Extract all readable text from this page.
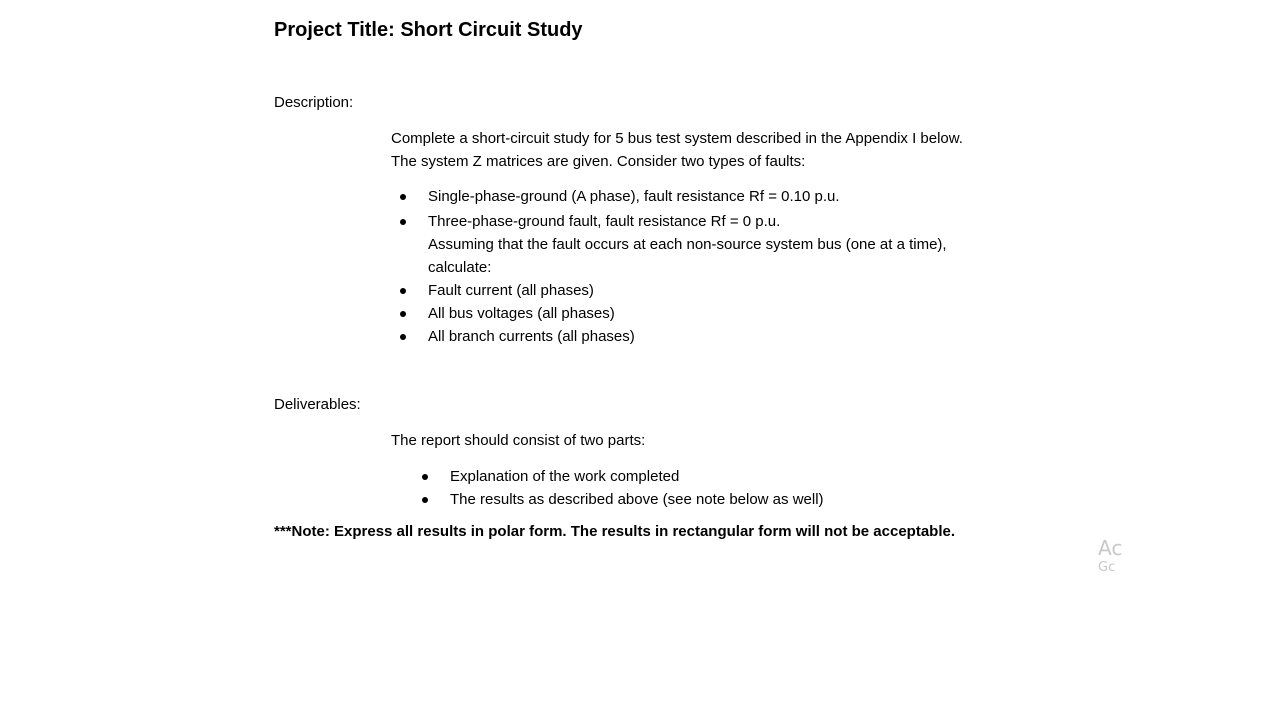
Project Title: Short Circuit Study
Description:
Complete a short-circuit study for 5 bus test system described in the Appendix I below.
The system Z matrices are given. Consider two types of faults:
Single-phase-ground (A phase), fault resistance Rf = 0.10 p.u.
Three-phase-ground fault, fault resistance Rf = 0 p.u.
Assuming that the fault occurs at each non-source system bus (one at a time),
calculate:
Fault current (all phases)
All bus voltages (all phases)
All branch currents (all phases)
Deliverables:
The report should consist of two parts:
Explanation of the work completed
The results as described above (see note below as well)
***Note: Express all results in polar form. The results in rectangular form will not be acceptable.
Ac
Gc
